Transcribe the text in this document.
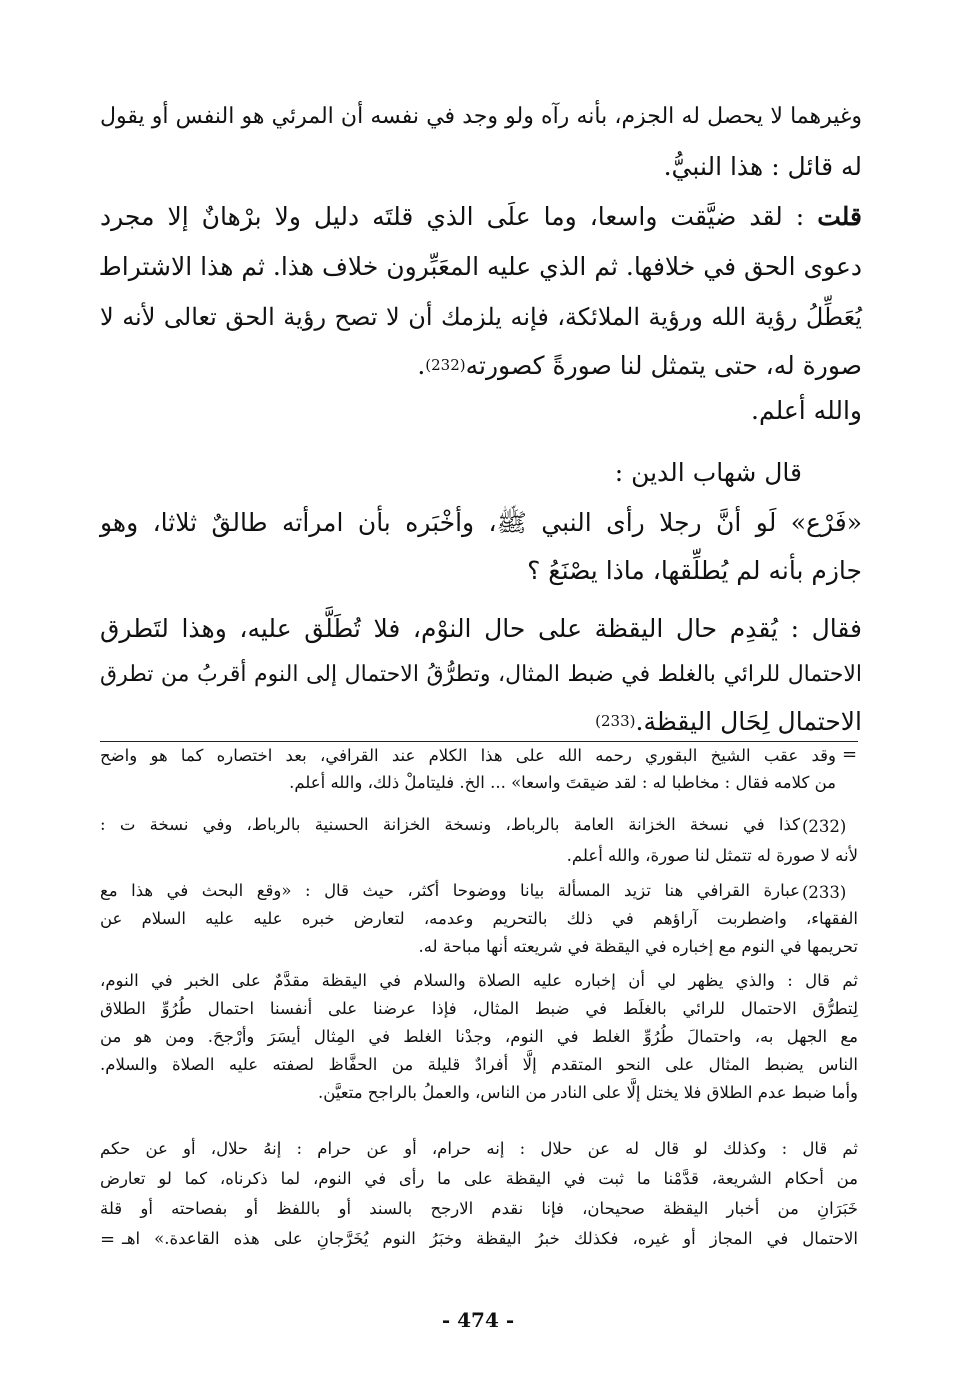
وغيرهما لا يحصل له الجزم، بأنه رآه ولو وجد في نفسه أن المرئي هو النفس أو يقول
له قائل : هذا النبيُّ.
قلت : لقد ضيَّقت واسعا، وما علَى الذي قلتَه دليل ولا برْهانٌ إلا مجرد
دعوى الحق في خلافها. ثم الذي عليه المعَبِّرون خلاف هذا. ثم هذا الاشتراط
يُعَطِّلُ رؤية الله ورؤية الملائكة، فإنه يلزمك أن لا تصح رؤية الحق تعالى لأنه لا
صورة له، حتى يتمثل لنا صورةً كصورته$^{(232)}$.
والله أعلم.
قال شهاب الدين :
«فَرْع» لَو أنَّ رجلا رأى النبي ﷺ، وأخْبَره بأن امرأته طالقٌ ثلاثا، وهو
جازم بأنه لم يُطلِّقها، ماذا يصْنَعُ ؟
فقال : يُقدِم حال اليقظة على حال النوْم، فلا تُطَلَّق عليه، وهذا لتَطرق
الاحتمال للرائي بالغلط في ضبط المثال، وتطرُّقُ الاحتمال إلى النوم أقربُ من تطرق
الاحتمال لِحَال اليقظة.$^{(233)}$
=
وقد عقب الشيخ البقوري رحمه الله على هذا الكلام عند القرافي، بعد اختصاره كما هو واضح
من كلامه فقال : مخاطبا له : لقد ضيقتَ واسعا» ... الخ. فليتاملْ ذلك، والله أعلم.
(232)
كذا في نسخة الخزانة العامة بالرباط، ونسخة الخزانة الحسنية بالرباط، وفي نسخة ت :
لأنه لا صورة له تتمثل لنا صورة، والله أعلم.
(233)
عبارة القرافي هنا تزيد المسألة بيانا ووضوحا أكثر، حيث قال : «وقع البحث في هذا مع
الفقهاء، واضطربت آراؤهم في ذلك بالتحريم وعدمه، لتعارض خبره عليه عليه السلام عن
تحريمها في النوم مع إخباره في اليقظة في شريعته أنها مباحة له.
ثم قال : والذي يظهر لي أن إخباره عليه الصلاة والسلام في اليقظة مقدَّمٌ على الخبر في النوم،
لِتطرُّق الاحتمال للرائي بالغلَط في ضبط المثال، فإذا عرضنا على أنفسنا احتمال طُرُوِّ الطلاق
مع الجهل به، واحتمالَ طُرُوِّ الغلط في النوم، وجدْنا الغلط في المِثال أيسَرَ وأرْجحَ. ومن هو من
الناس يضبط المثال على النحو المتقدم إلَّا أفرادٌ قليلة من الحفَّاظ لصفته عليه الصلاة والسلام.
وأما ضبط عدم الطلاق فلا يختل إلَّا على النادر من الناس، والعملُ بالراجح متعيَّن.
ثم قال : وكذلك لو قال له عن حلال : إنه حرام، أو عن حرام : إنهُ حلال، أو عن حكم
من أحكام الشريعة، قدَّمْنا ما ثبت في اليقظة على ما رأى في النوم، لما ذكرناه، كما لو تعارض
خَبَرَانِ من أخبار اليقظة صحيحان، فإنا نقدم الارجح بالسند أو باللفظ أو بفصاحته أو قلة
الاحتمال في المجاز أو غيره، فكذلك خبرُ اليقظة وخبَرُ النوم يُخَرَّجانِ على هذه القاعدة.» اهـ
=
- 474 -
